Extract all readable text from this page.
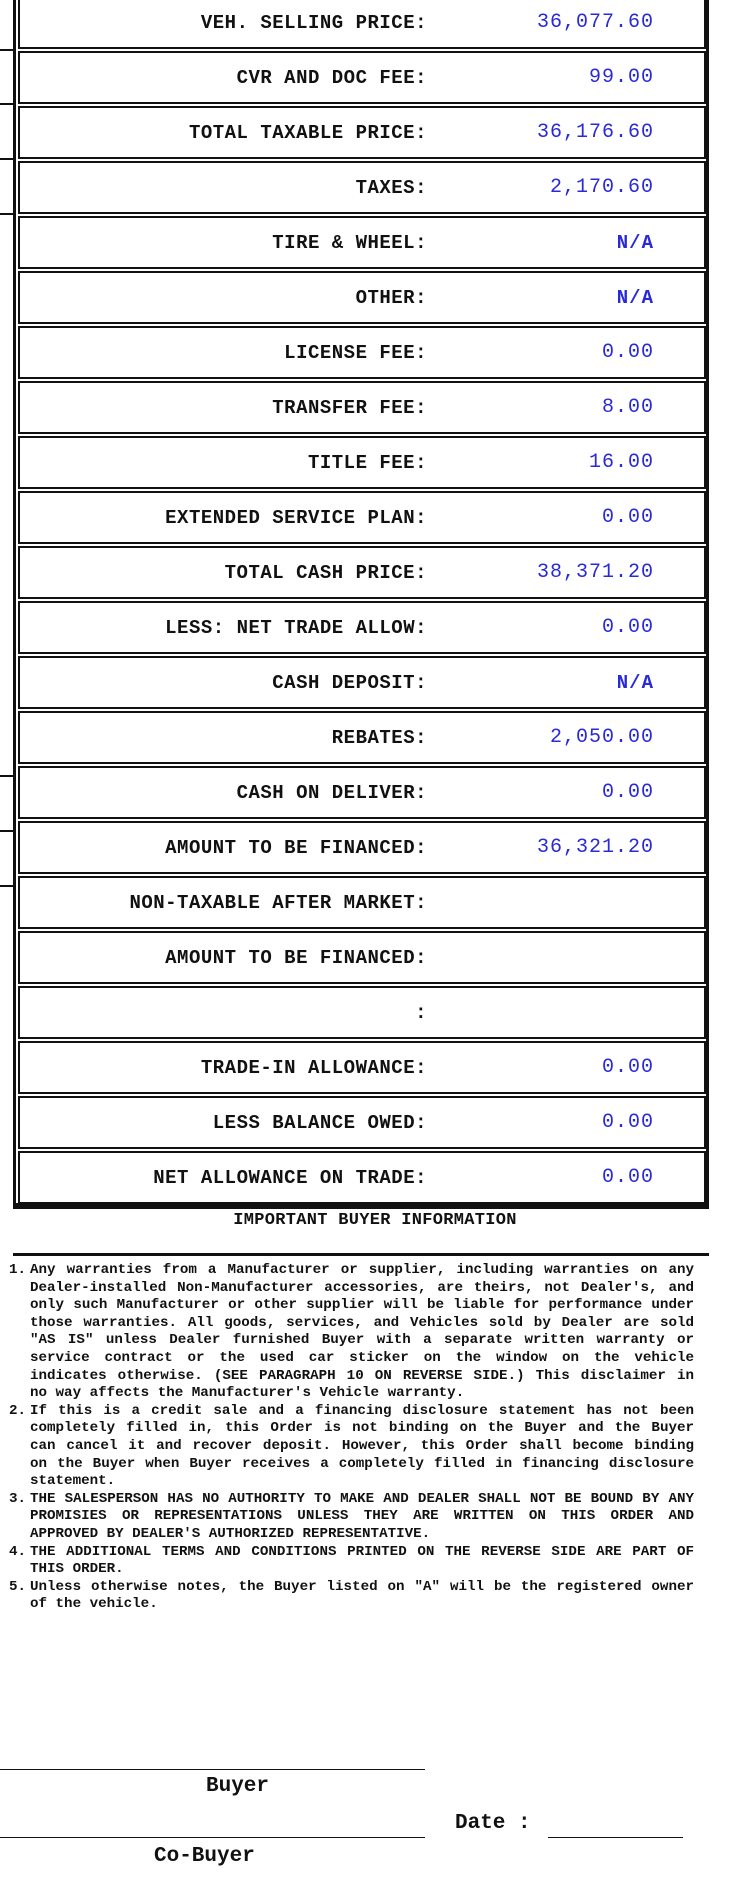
VEH. SELLING PRICE:	36,077.60
CVR AND DOC FEE:	99.00
TOTAL TAXABLE PRICE:	36,176.60
TAXES:	2,170.60
TIRE & WHEEL:	N/A
OTHER:	N/A
LICENSE FEE:	0.00
TRANSFER FEE:	8.00
TITLE FEE:	16.00
EXTENDED SERVICE PLAN:	0.00
TOTAL CASH PRICE:	38,371.20
LESS: NET TRADE ALLOW:	0.00
CASH DEPOSIT:	N/A
REBATES:	2,050.00
CASH ON DELIVER:	0.00
AMOUNT TO BE FINANCED:	36,321.20
NON-TAXABLE AFTER MARKET:
AMOUNT TO BE FINANCED:
:
TRADE-IN ALLOWANCE:	0.00
LESS BALANCE OWED:	0.00
NET ALLOWANCE ON TRADE:	0.00
IMPORTANT BUYER INFORMATION
1. Any warranties from a Manufacturer or supplier, including warranties on any Dealer-installed Non-Manufacturer accessories, are theirs, not Dealer's, and only such Manufacturer or other supplier will be liable for performance under those warranties. All goods, services, and Vehicles sold by Dealer are sold "AS IS" unless Dealer furnished Buyer with a separate written warranty or service contract or the used car sticker on the window on the vehicle indicates otherwise. (SEE PARAGRAPH 10 ON REVERSE SIDE.) This disclaimer in no way affects the Manufacturer's Vehicle warranty.
2. If this is a credit sale and a financing disclosure statement has not been completely filled in, this Order is not binding on the Buyer and the Buyer can cancel it and recover deposit. However, this Order shall become binding on the Buyer when Buyer receives a completely filled in financing disclosure statement.
3. THE SALESPERSON HAS NO AUTHORITY TO MAKE AND DEALER SHALL NOT BE BOUND BY ANY PROMISIES OR REPRESENTATIONS UNLESS THEY ARE WRITTEN ON THIS ORDER AND APPROVED BY DEALER'S AUTHORIZED REPRESENTATIVE.
4. THE ADDITIONAL TERMS AND CONDITIONS PRINTED ON THE REVERSE SIDE ARE PART OF THIS ORDER.
5. Unless otherwise notes, the Buyer listed on "A" will be the registered owner of the vehicle.
Buyer
Date :
Co-Buyer
